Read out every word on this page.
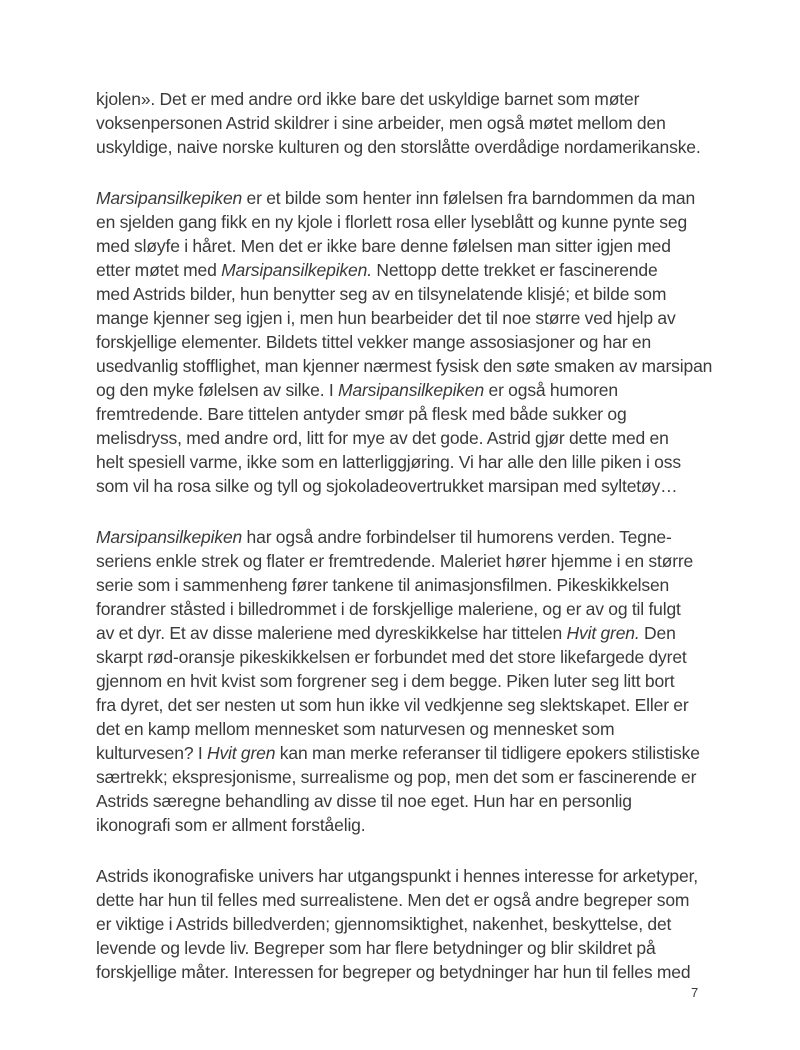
kjolen». Det er med andre ord ikke bare det uskyldige barnet som møter
voksenpersonen Astrid skildrer i sine arbeider, men også møtet mellom den
uskyldige, naive norske kulturen og den storslåtte overdådige nordamerikanske.
Marsipansilkepiken er et bilde som henter inn følelsen fra barndommen da man
en sjelden gang fikk en ny kjole i florlett rosa eller lyseblått og kunne pynte seg
med sløyfe i håret. Men det er ikke bare denne følelsen man sitter igjen med
etter møtet med Marsipansilkepiken. Nettopp dette trekket er fascinerende
med Astrids bilder, hun benytter seg av en tilsynelatende klisjé; et bilde som
mange kjenner seg igjen i, men hun bearbeider det til noe større ved hjelp av
forskjellige elementer. Bildets tittel vekker mange assosiasjoner og har en
usedvanlig stofflighet, man kjenner nærmest fysisk den søte smaken av marsipan
og den myke følelsen av silke. I Marsipansilkepiken er også humoren
fremtredende. Bare tittelen antyder smør på flesk med både sukker og
melisdryss, med andre ord, litt for mye av det gode. Astrid gjør dette med en
helt spesiell varme, ikke som en latterliggjøring. Vi har alle den lille piken i oss
som vil ha rosa silke og tyll og sjokoladeovertrukket marsipan med syltetøy…
Marsipansilkepiken har også andre forbindelser til humorens verden. Tegne-
seriens enkle strek og flater er fremtredende. Maleriet hører hjemme i en større
serie som i sammenheng fører tankene til animasjonsfilmen. Pikeskikkelsen
forandrer ståsted i billedrommet i de forskjellige maleriene, og er av og til fulgt
av et dyr. Et av disse maleriene med dyreskikkelse har tittelen Hvit gren. Den
skarpt rød-oransje pikeskikkelsen er forbundet med det store likefargede dyret
gjennom en hvit kvist som forgrener seg i dem begge. Piken luter seg litt bort
fra dyret, det ser nesten ut som hun ikke vil vedkjenne seg slektskapet. Eller er
det en kamp mellom mennesket som naturvesen og mennesket som
kulturvesen? I Hvit gren kan man merke referanser til tidligere epokers stilistiske
særtrekk; ekspresjonisme, surrealisme og pop, men det som er fascinerende er
Astrids særegne behandling av disse til noe eget. Hun har en personlig
ikonografi som er allment forståelig.
Astrids ikonografiske univers har utgangspunkt i hennes interesse for arketyper,
dette har hun til felles med surrealistene. Men det er også andre begreper som
er viktige i Astrids billedverden; gjennomsiktighet, nakenhet, beskyttelse, det
levende og levde liv. Begreper som har flere betydninger og blir skildret på
forskjellige måter. Interessen for begreper og betydninger har hun til felles med
7
